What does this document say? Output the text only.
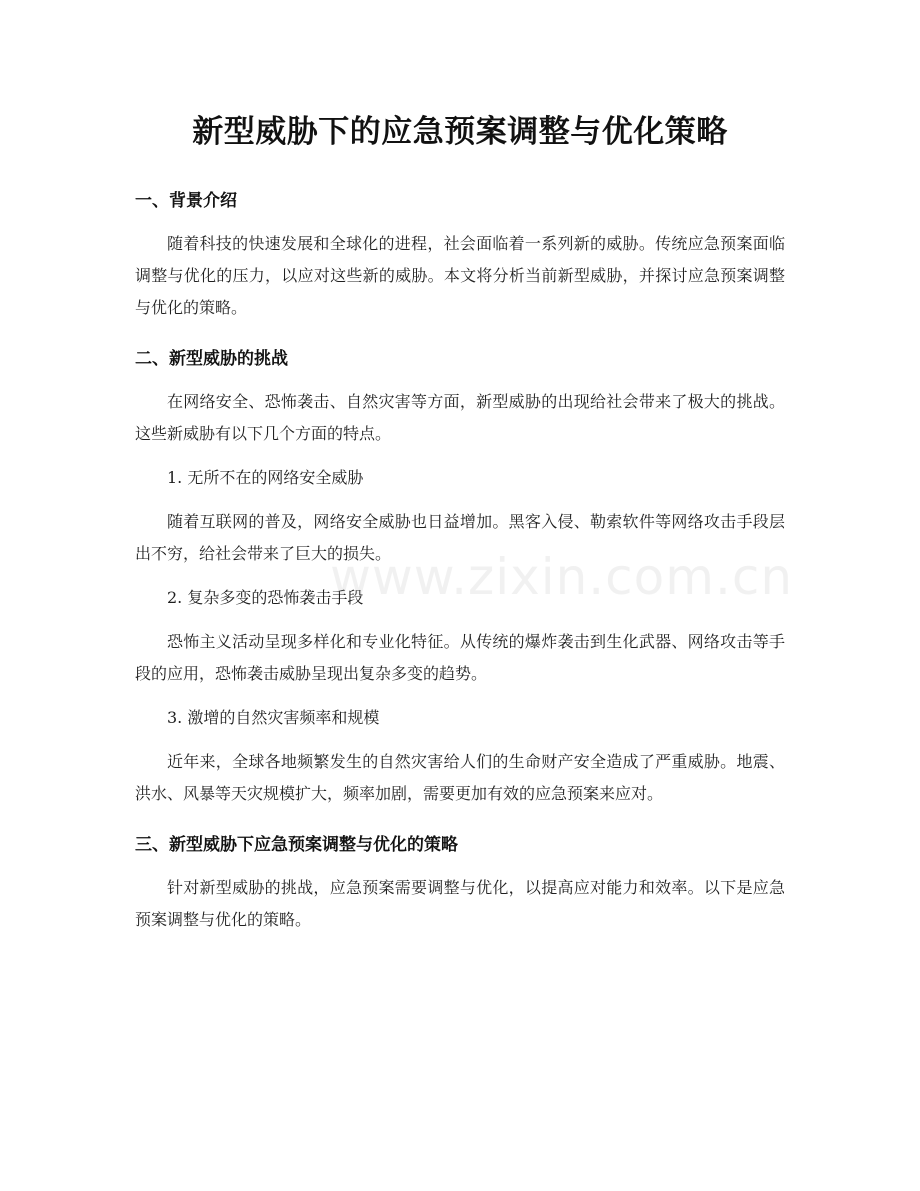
新型威胁下的应急预案调整与优化策略
一、背景介绍

随着科技的快速发展和全球化的进程，社会面临着一系列新的威胁。传统应急预案面临调整与优化的压力，以应对这些新的威胁。本文将分析当前新型威胁，并探讨应急预案调整与优化的策略。

二、新型威胁的挑战

在网络安全、恐怖袭击、自然灾害等方面，新型威胁的出现给社会带来了极大的挑战。这些新威胁有以下几个方面的特点。

1. 无所不在的网络安全威胁

随着互联网的普及，网络安全威胁也日益增加。黑客入侵、勒索软件等网络攻击手段层出不穷，给社会带来了巨大的损失。

2. 复杂多变的恐怖袭击手段

恐怖主义活动呈现多样化和专业化特征。从传统的爆炸袭击到生化武器、网络攻击等手段的应用，恐怖袭击威胁呈现出复杂多变的趋势。

3. 激增的自然灾害频率和规模

近年来，全球各地频繁发生的自然灾害给人们的生命财产安全造成了严重威胁。地震、洪水、风暴等天灾规模扩大，频率加剧，需要更加有效的应急预案来应对。

三、新型威胁下应急预案调整与优化的策略

针对新型威胁的挑战，应急预案需要调整与优化，以提高应对能力和效率。以下是应急预案调整与优化的策略。

www.zixin.com.cn
